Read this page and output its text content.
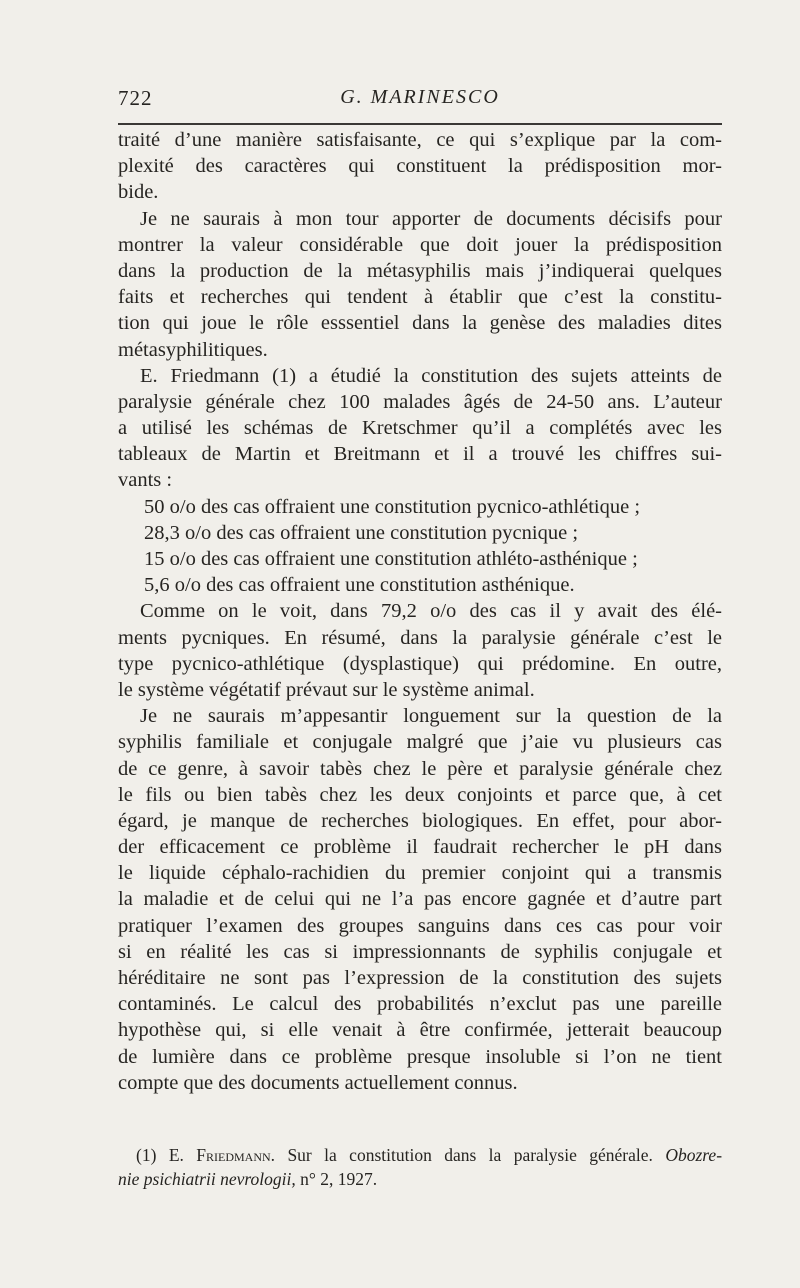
722	G. MARINESCO
traité d’une manière satisfaisante, ce qui s’explique par la com-
plexité des caractères qui constituent la prédisposition mor-
bide.
Je ne saurais à mon tour apporter de documents décisifs pour
montrer la valeur considérable que doit jouer la prédisposition
dans la production de la métasyphilis mais j’indiquerai quelques
faits et recherches qui tendent à établir que c’est la constitu-
tion qui joue le rôle esssentiel dans la genèse des maladies dites
métasyphilitiques.
E. Friedmann (1) a étudié la constitution des sujets atteints de
paralysie générale chez 100 malades âgés de 24-50 ans. L’auteur
a utilisé les schémas de Kretschmer qu’il a complétés avec les
tableaux de Martin et Breitmann et il a trouvé les chiffres sui-
vants :
50 o/o des cas offraient une constitution pycnico-athlétique ;
28,3 o/o des cas offraient une constitution pycnique ;
15 o/o des cas offraient une constitution athléto-asthénique ;
5,6 o/o des cas offraient une constitution asthénique.
Comme on le voit, dans 79,2 o/o des cas il y avait des élé-
ments pycniques. En résumé, dans la paralysie générale c’est le
type pycnico-athlétique (dysplastique) qui prédomine. En outre,
le système végétatif prévaut sur le système animal.
Je ne saurais m’appesantir longuement sur la question de la
syphilis familiale et conjugale malgré que j’aie vu plusieurs cas
de ce genre, à savoir tabès chez le père et paralysie générale chez
le fils ou bien tabès chez les deux conjoints et parce que, à cet
égard, je manque de recherches biologiques. En effet, pour abor-
der efficacement ce problème il faudrait rechercher le pH dans
le liquide céphalo-rachidien du premier conjoint qui a transmis
la maladie et de celui qui ne l’a pas encore gagnée et d’autre part
pratiquer l’examen des groupes sanguins dans ces cas pour voir
si en réalité les cas si impressionnants de syphilis conjugale et
héréditaire ne sont pas l’expression de la constitution des sujets
contaminés. Le calcul des probabilités n’exclut pas une pareille
hypothèse qui, si elle venait à être confirmée, jetterait beaucoup
de lumière dans ce problème presque insoluble si l’on ne tient
compte que des documents actuellement connus.
(1) E. Friedmann. Sur la constitution dans la paralysie générale. Obozre-
nie psichiatrii nevrologii, n° 2, 1927.
